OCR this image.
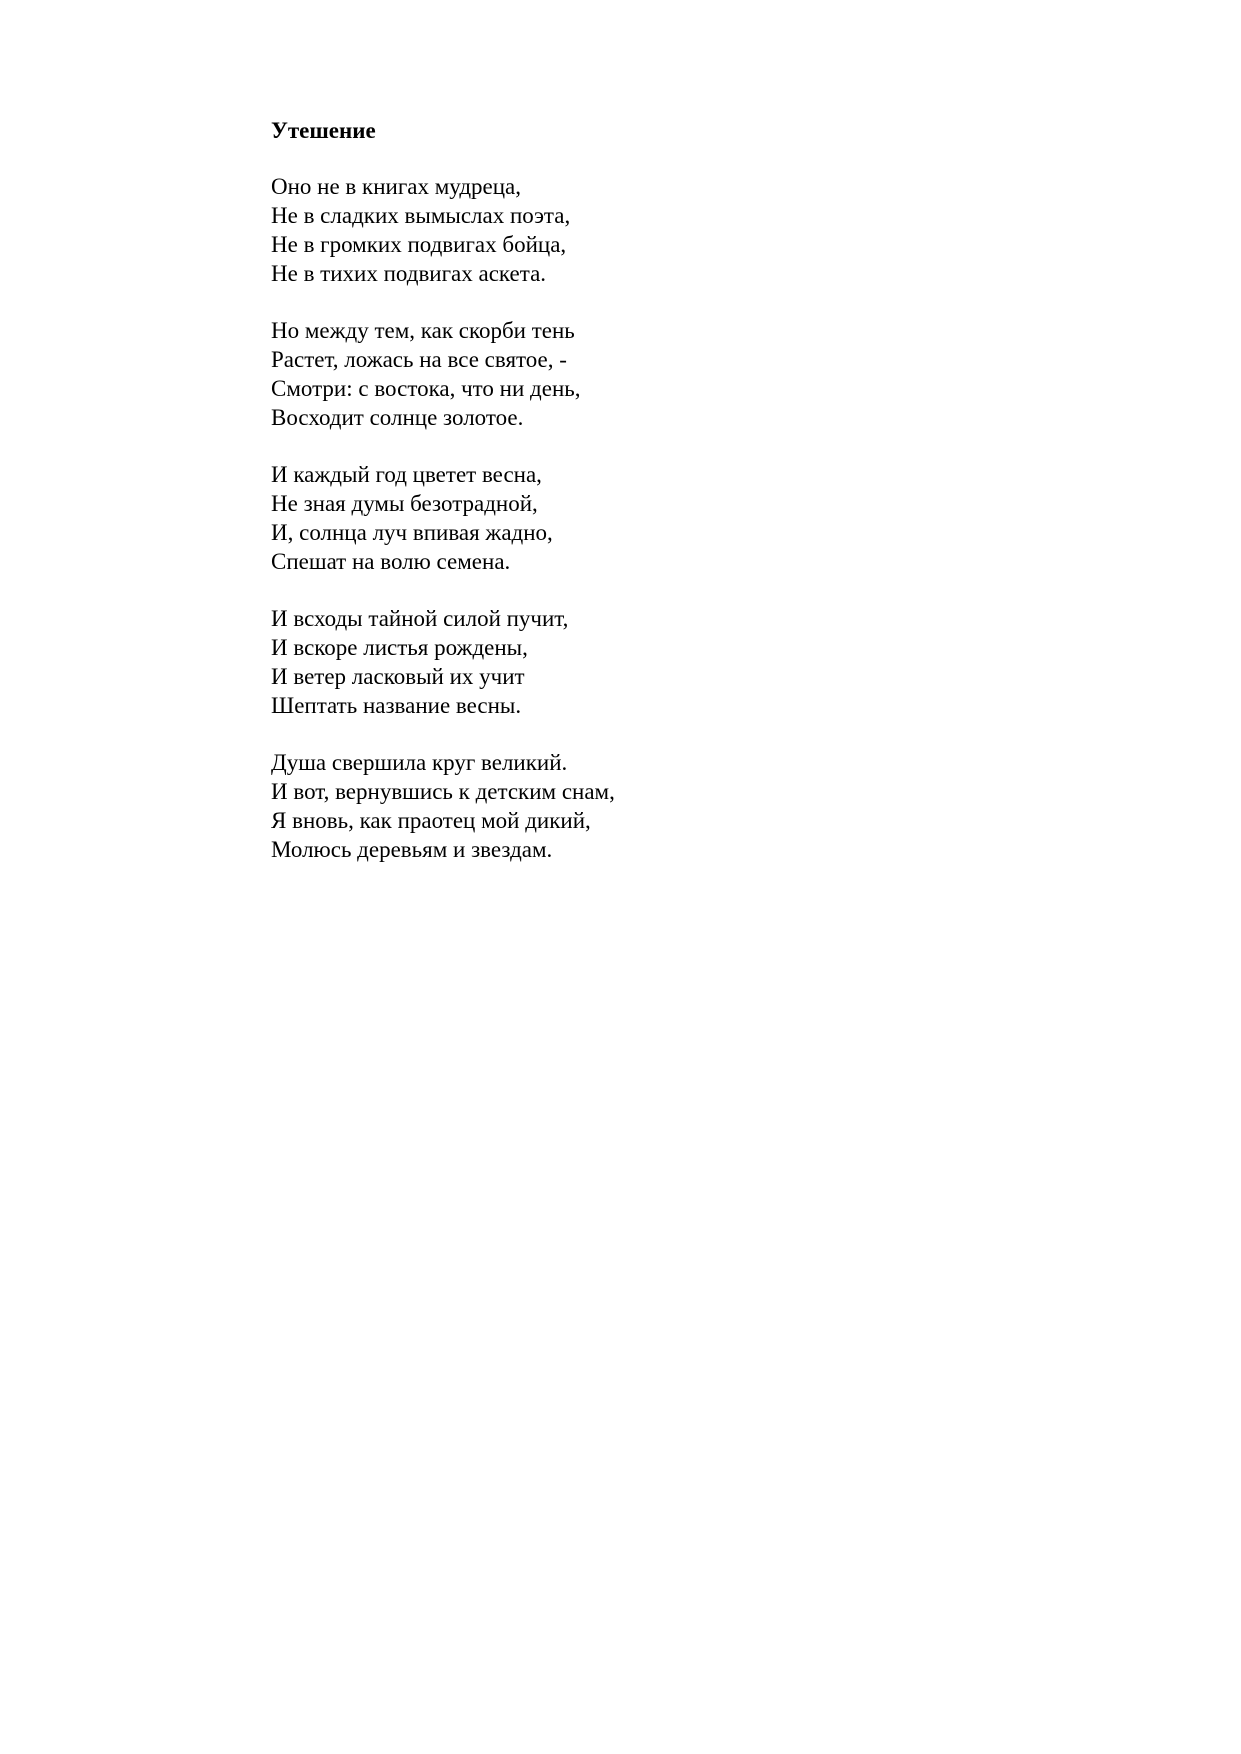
Утешение
Оно не в книгах мудреца,
Не в сладких вымыслах поэта,
Не в громких подвигах бойца,
Не в тихих подвигах аскета.
Но между тем, как скорби тень
Растет, ложась на все святое, -
Смотри: с востока, что ни день,
Восходит солнце золотое.
И каждый год цветет весна,
Не зная думы безотрадной,
И, солнца луч впивая жадно,
Спешат на волю семена.
И всходы тайной силой пучит,
И вскоре листья рождены,
И ветер ласковый их учит
Шептать название весны.
Душа свершила круг великий.
И вот, вернувшись к детским снам,
Я вновь, как праотец мой дикий,
Молюсь деревьям и звездам.
